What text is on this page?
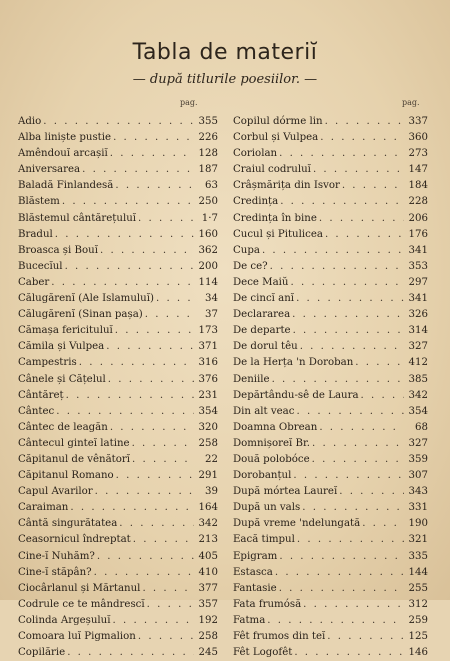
Tabla de materiĭ
— după titlurile poesiilor. —
pag.	pag.
Adio . . .	355
Alba liniște pustie . . .	226
Amêndouĭ arcașiĭ . . .	128
Aniversarea . . .	187
Baladă Finlandesă . . .	63
Blăstem . . .	250
Blăstemul cântărețuluĭ . . .	1·7
Bradul . . .	160
Broasca și Bouĭ . . .	362
Bucecĭul . . .	200
Caber . . .	114
Călugărenĭ (Ale Islamuluĭ) . . .	34
Călugărenĭ (Sinan pașa) . . .	37
Cămașa fericituluĭ . . .	173
Cămila și Vulpea . . .	371
Campestris . . .	316
Cânele și Cățelul . . .	376
Cântăreț . . .	231
Cântec . . .	354
Cântec de leagăn . . .	320
Cântecul ginteĭ latine . . .	258
Căpitanul de vênătorĭ . . .	22
Căpitanul Romano . . .	291
Capul Avarilor . . .	39
Caraiman . . .	164
Cântă singurătatea . . .	342
Ceasornicul îndreptat . . .	213
Cine-ĭ Nuhăm? . . .	405
Cine-ĭ stăpân? . . .	410
Ciocârlanul și Mărtanul . . .	377
Codrule ce te mândrescĭ . . .	357
Colinda Argeșuluĭ . . .	192
Comoara luĭ Pigmalion . . .	258
Copilărie . . .	245
Copilul dórme lin . . .	337
Corbul și Vulpea . . .	360
Coriolan . . .	273
Craiul codruluĭ . . .	147
Crâșmărița din Isvor . . .	184
Credința . . .	228
Credința în bine . . .	206
Cucul și Pitulicea . . .	176
Cupa . . .	341
De ce? . . .	353
Dece Maiŭ . . .	297
De cincĭ anĭ . . .	341
Declararea . . .	326
De departe . . .	314
De dorul têu . . .	327
De la Herța 'n Doroban . . .	412
Deniile . . .	385
Depărtându-sê de Laura . . .	342
Din alt veac . . .	354
Doamna Obrean . . .	68
Domnișoreĭ Br. . . .	327
Două polobóce . . .	359
Dorobanțul . . .	307
După mórtea Laureĭ . . .	343
După un vals . . .	331
După vreme 'ndelungată . . .	190
Eacă timpul . . .	321
Epigram . . .	335
Estasca . . .	144
Fantasie . . .	255
Fata frumósă . . .	312
Fatma . . .	259
Fêt frumos din teĭ . . .	125
Fêt Logofêt . . .	146
